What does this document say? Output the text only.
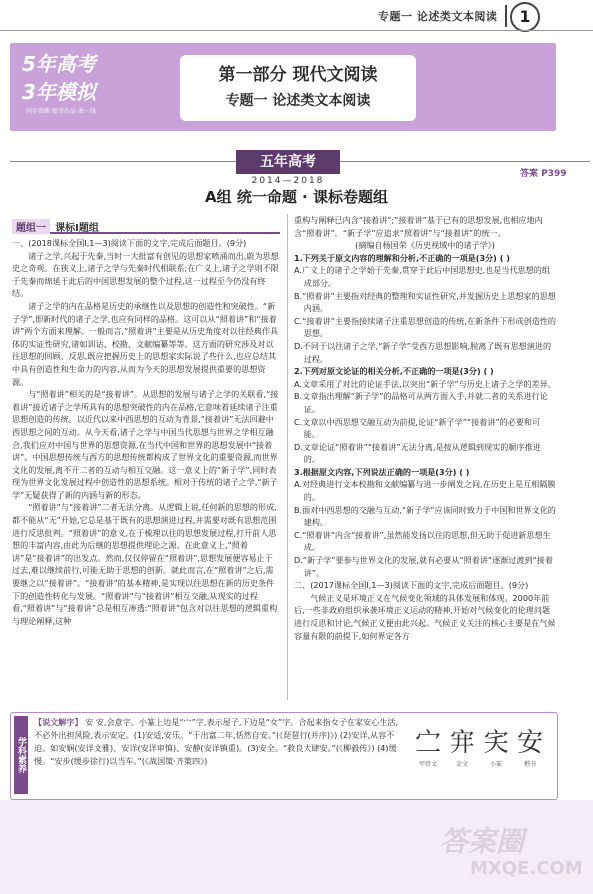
专题一 论述类文本阅读	1
5年高考
3年模拟
同步资源 图书出品 曲一线
第一部分 现代文阅读
专题一 论述类文本阅读
五年高考
2014—2018
答案 P399
A组 统一命题 · 课标卷题组
题组一 课标Ⅰ题组

一、(2018课标全国Ⅰ,1—3)阅读下面的文字,完成后面题目。(9分)

诸子之学,兴起于先秦,当时一大批富有创见的思想家喷涌而出,蔚为思想史之奇观。在狭义上,诸子之学与先秦时代相联系;在广义上,诸子之学则不限于先秦而绵延于此后的中国思想发展的整个过程,这一过程至今仍没有终结。

诸子之学的内在品格是历史的承继性以及思想的创造性和突破性。“新子学”,即新时代的诸子之学,也应有同样的品格。这可以从“照着讲”和“接着讲”两个方面来理解。一般而言,“照着讲”主要是从历史角度对以往经典作具体的实证性研究,诸如训诂、校勘、文献编纂等等。这方面的研究涉及对以往思想的回顾、反思,既应把握历史上的思想家实际说了些什么,也应总结其中具有创造性和生命力的内容,从而为今天的思想发展提供重要的思想资源。

与“照着讲”相关的是“接着讲”。从思想的发展与诸子之学的关联看,“接着讲”接近诸子之学所具有的思想突破性的内在品格,它意味着延续诸子注重思想创造的传统。以近代以来中西思想的互动为背景,“接着讲”无法回避中西思想之间的互动。从今天看,诸子之学与中国当代思想与世界之学相互融合,我们应对中国与世界的思想资源,在当代中国和世界的思想发展中“接着讲”。中国思想传统与西方的思想传统都构成了世界文化的重要资源,而世界文化的发展,离不开二者的互动与相互交融。这一意义上的“新子学”,同时表现为世界文化发展过程中创造性的思想系统。相对于传统的诸子之学,“新子学”无疑获得了新的内涵与新的形态。

“照着讲”与“接着讲”二者无法分离。从逻辑上说,任何新的思想的形成,都不能从“无”开始,它总是基于既有的思想演进过程,并需要对既有思想范围进行反思批判。“照着讲”的意义,在于梳理以往的思想发展过程,打开前人思想的丰富内容,由此为后继的思想提供理论之源。在此意义上,“照着讲”是“接着讲”的出发点。然而,仅仅停留在“照着讲”,思想发展便容易止于过去,难以继续前行,可能无助于思想的创新。就此而言,在“照着讲”之后,需要继之以“接着讲”。“接着讲”的基本精神,是实现以往思想在新的历史条件下的创造性转化与发展。“照着讲”与“接着讲”相互交融,从现实的过程看,“照着讲”与“接着讲”总是相互渗透:“照着讲”包含对以往思想的逻辑重构与理论阐释,这种

重构与阐释已内含“接着讲”;“接着讲”基于已有的思想发展,也相应地内含“照着讲”。“新子学”应追求“照着讲”与“接着讲”的统一。

(摘编自杨国荣《历史视域中的诸子学》)

1.下列关于原文内容的理解和分析,不正确的一项是(3分) ( )

A.广义上的诸子之学始于先秦,贯穿于此后中国思想史,也是当代思想的组成部分。

B.“照着讲”主要指对经典的整理和实证性研究,并发掘历史上思想家的思想内涵。

C.“接着讲”主要指接续诸子注重思想创造的传统,在新条件下形成创造性的思想。

D.不同于以往诸子之学,“新子学”受西方思想影响,脱离了既有思想演进的过程。

2.下列对原文论证的相关分析,不正确的一项是(3分) ( )

A.文章采用了对比的论证手法,以突出“新子学”与历史上诸子之学的差异。

B.文章指出理解“新子学”的品格可从两方面入手,并就二者的关系进行论证。

C.文章以中西思想交融互动为前提,论证“新子学”“接着讲”的必要和可能。

D.文章论证“照着讲”“接着讲”无法分离,是按从逻辑到现实的顺序推进的。

3.根据原文内容,下列说法正确的一项是(3分) ( )

A.对经典进行文本校勘和文献编纂与进一步阐发之间,在历史上是互相隔膜的。

B.面对中西思想的交融与互动,“新子学”应该同时致力于中国和世界文化的建构。

C.“照着讲”内含“接着讲”,虽然能发扬以往的思想,但无助于促进新思想生成。

D.“新子学”要参与世界文化的发展,就有必要从“照着讲”逐渐过渡到“接着讲”。

二、(2017课标全国Ⅰ,1—3)阅读下面的文字,完成后面题目。(9分)

气候正义是环境正义在气候变化领域的具体发展和体现。2000年前后,一些非政府组织承袭环境正义运动的精神,开始对气候变化的伦理问题进行反思和讨论,气候正义便由此兴起。气候正义关注的核心主要是在气候容量有限的前提下,如何界定各方

学科素养
【说文解字】 安 安,会意字。小篆上边是“宀”字,表示屋子,下边是“女”字。合起来指女子在家安心生活,不必外出担风险,表示安定。(1)安适,安乐。“于出富二年,恬然自安。”(《琵琶行(并序)》) (2)安详,从容不迫。如安娴(安详文雅)、安详(安详审慎)、安静(安详镇重)。(3)安全。“救良大肆安。”(《柳毅传》) (4)缓慢。“安步(缓步徐行)以当车。”(《战国策·齐策四》)
㝉
甲骨文
宑
金文
宎
小篆
安
楷书
答案圈
MXQE.COM
